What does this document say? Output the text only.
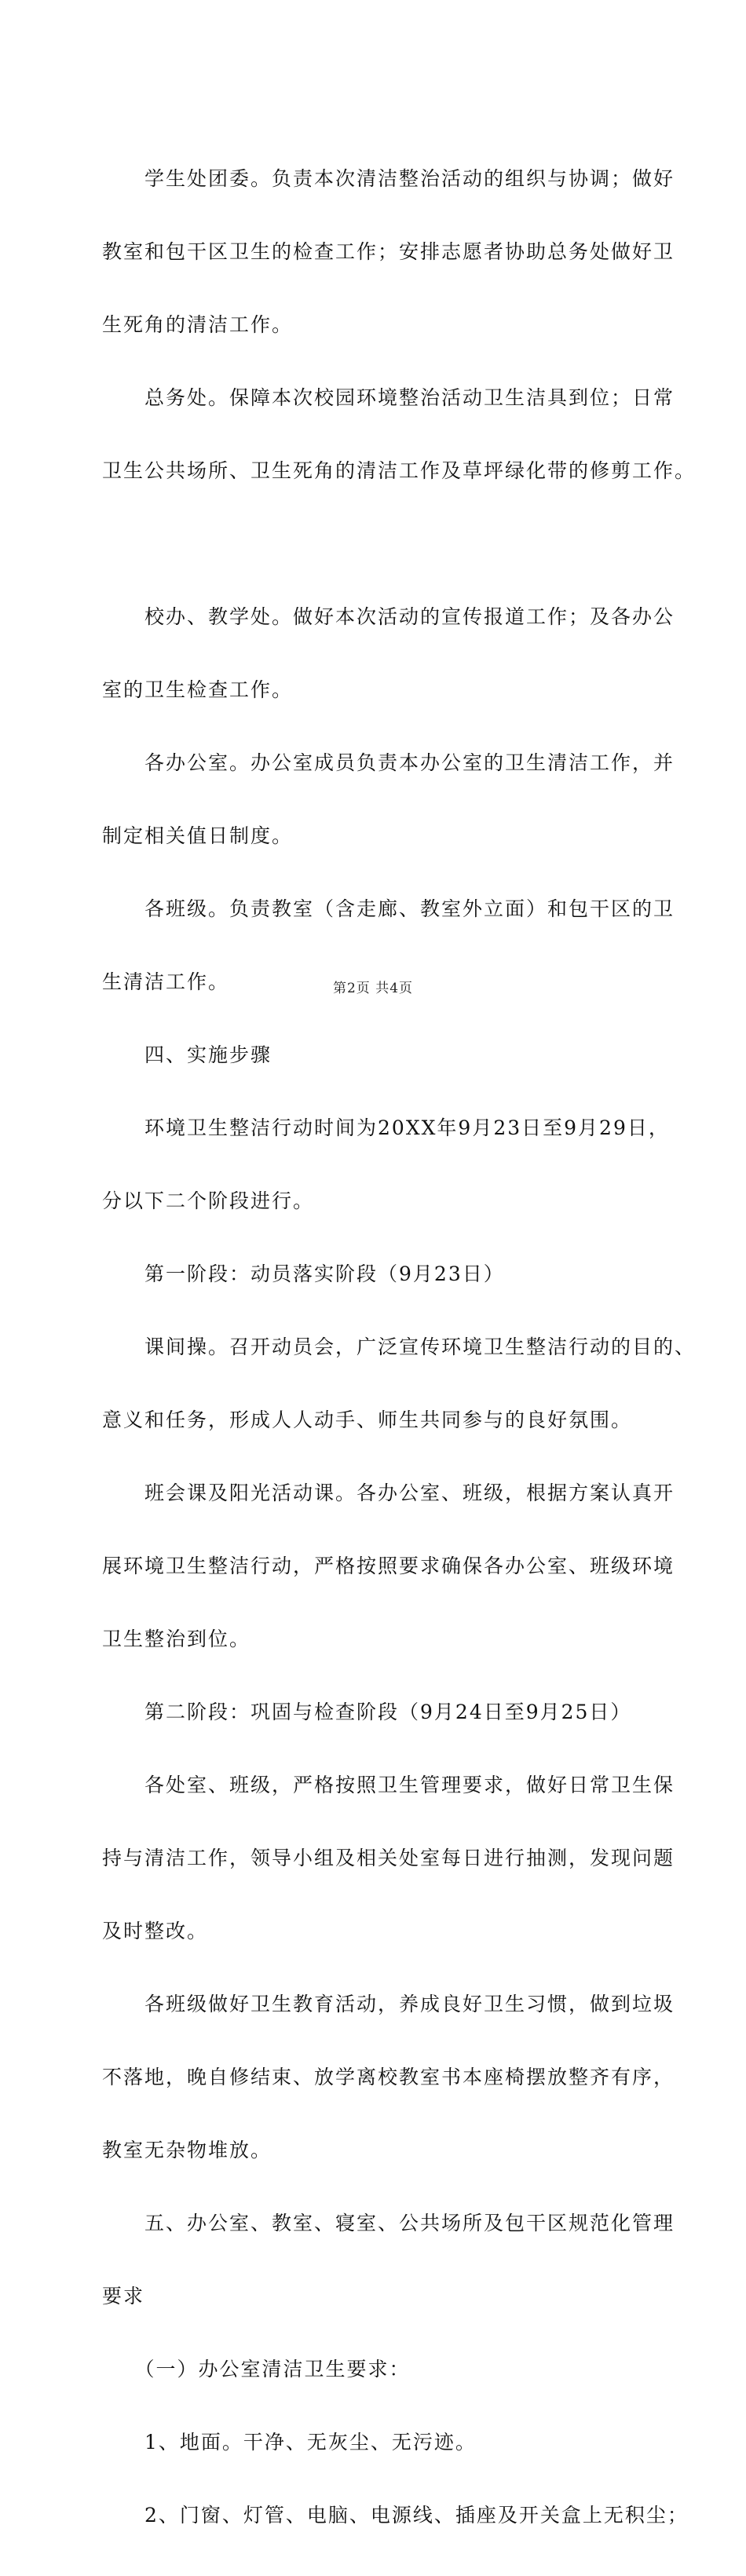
　　学生处团委。负责本次清洁整治活动的组织与协调；做好

教室和包干区卫生的检查工作；安排志愿者协助总务处做好卫

生死角的清洁工作。

　　总务处。保障本次校园环境整治活动卫生洁具到位；日常

卫生公共场所、卫生死角的清洁工作及草坪绿化带的修剪工作。

　　校办、教学处。做好本次活动的宣传报道工作；及各办公

室的卫生检查工作。

　　各办公室。办公室成员负责本办公室的卫生清洁工作，并

制定相关值日制度。

　　各班级。负责教室（含走廊、教室外立面）和包干区的卫

生清洁工作。

　　四、实施步骤

　　环境卫生整洁行动时间为20XX年9月23日至9月29日，

分以下二个阶段进行。

　　第一阶段：动员落实阶段（9月23日）

　　课间操。召开动员会，广泛宣传环境卫生整洁行动的目的、

意义和任务，形成人人动手、师生共同参与的良好氛围。

　　班会课及阳光活动课。各办公室、班级，根据方案认真开

展环境卫生整洁行动，严格按照要求确保各办公室、班级环境

卫生整治到位。

　　第二阶段：巩固与检查阶段（9月24日至9月25日）

　　各处室、班级，严格按照卫生管理要求，做好日常卫生保

持与清洁工作，领导小组及相关处室每日进行抽测，发现问题

及时整改。

　　各班级做好卫生教育活动，养成良好卫生习惯，做到垃圾

不落地，晚自修结束、放学离校教室书本座椅摆放整齐有序，

教室无杂物堆放。

　　五、办公室、教室、寝室、公共场所及包干区规范化管理

要求

　　（一）办公室清洁卫生要求：

　　1、地面。干净、无灰尘、无污迹。

　　2、门窗、灯管、电脑、电源线、插座及开关盒上无积尘；

第2页 共4页
